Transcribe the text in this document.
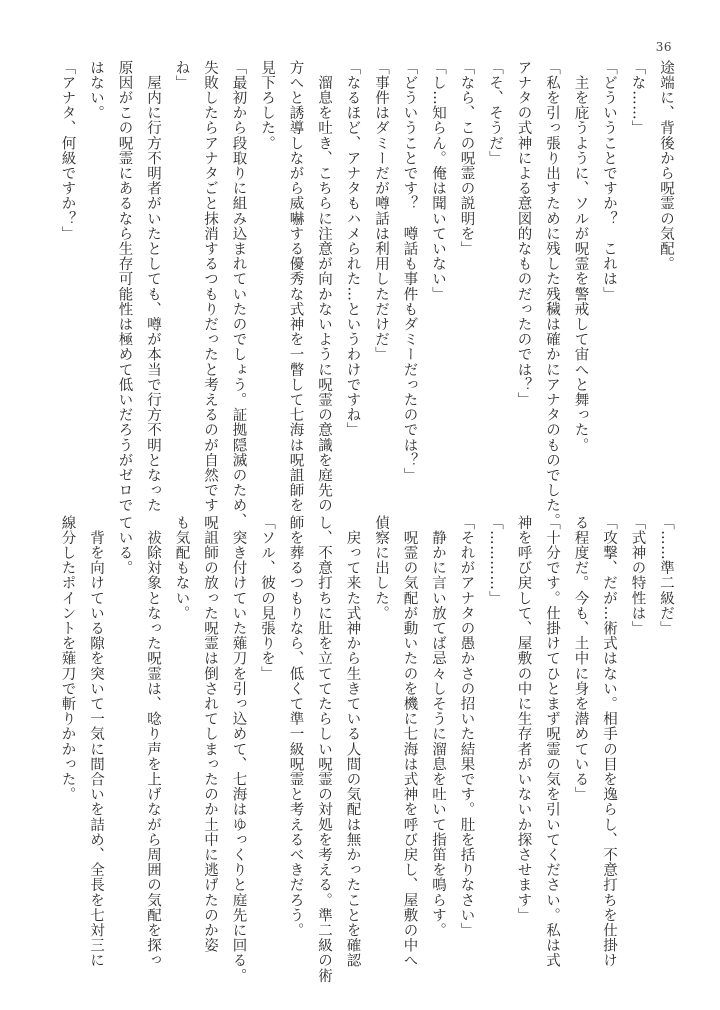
36
途端に、背後から呪霊の気配。
「な……」
「どういうことですか？　これは」
　主を庇うように、ソルが呪霊を警戒して宙へと舞った。
「私を引っ張り出すために残した残穢は確かにアナタのものでした。
アナタの式神による意図的なものだったのでは？」
「そ、そうだ」
「なら、この呪霊の説明を」
「し…知らん。俺は聞いていない」
「どういうことです？　噂話も事件もダミーだったのでは？」
「事件はダミーだが噂話は利用しただけだ」
「なるほど、アナタもハメられた…というわけですね」
　溜息を吐き、こちらに注意が向かないように呪霊の意識を庭先の
方へと誘導しながら威嚇する優秀な式神を一瞥して七海は呪詛師を
見下ろした。
「最初から段取りに組み込まれていたのでしょう。証拠隠滅のため、
失敗したらアナタごと抹消するつもりだったと考えるのが自然です
ね」
　屋内に行方不明者がいたとしても、噂が本当で行方不明となった
原因がこの呪霊にあるなら生存可能性は極めて低いだろうがゼロで
はない。
「アナタ、何級ですか？」
「……準二級だ」
「式神の特性は」
「攻撃、だが…術式はない。相手の目を逸らし、不意打ちを仕掛け
る程度だ。今も、土中に身を潜めている」
「十分です。仕掛けてひとまず呪霊の気を引いてください。私は式
神を呼び戻して、屋敷の中に生存者がいないか探させます」
「…………」
「それがアナタの愚かさの招いた結果です。肚を括りなさい」
　静かに言い放てば忌々しそうに溜息を吐いて指笛を鳴らす。
　呪霊の気配が動いたのを機に七海は式神を呼び戻し、屋敷の中へ
偵察に出した。
　戻って来た式神から生きている人間の気配は無かったことを確認
し、不意打ちに肚を立ててたらしい呪霊の対処を考える。準二級の術
師を葬るつもりなら、低くて準一級呪霊と考えるべきだろう。
「ソル、彼の見張りを」
　突き付けていた薙刀を引っ込めて、七海はゆっくりと庭先に回る。
呪詛師の放った呪霊は倒されてしまったのか土中に逃げたのか姿
も気配もない。
　祓除対象となった呪霊は、唸り声を上げながら周囲の気配を探っ
ている。
　背を向けている隙を突いて一気に間合いを詰め、全長を七対三に
線分したポイントを薙刀で斬りかかった。
